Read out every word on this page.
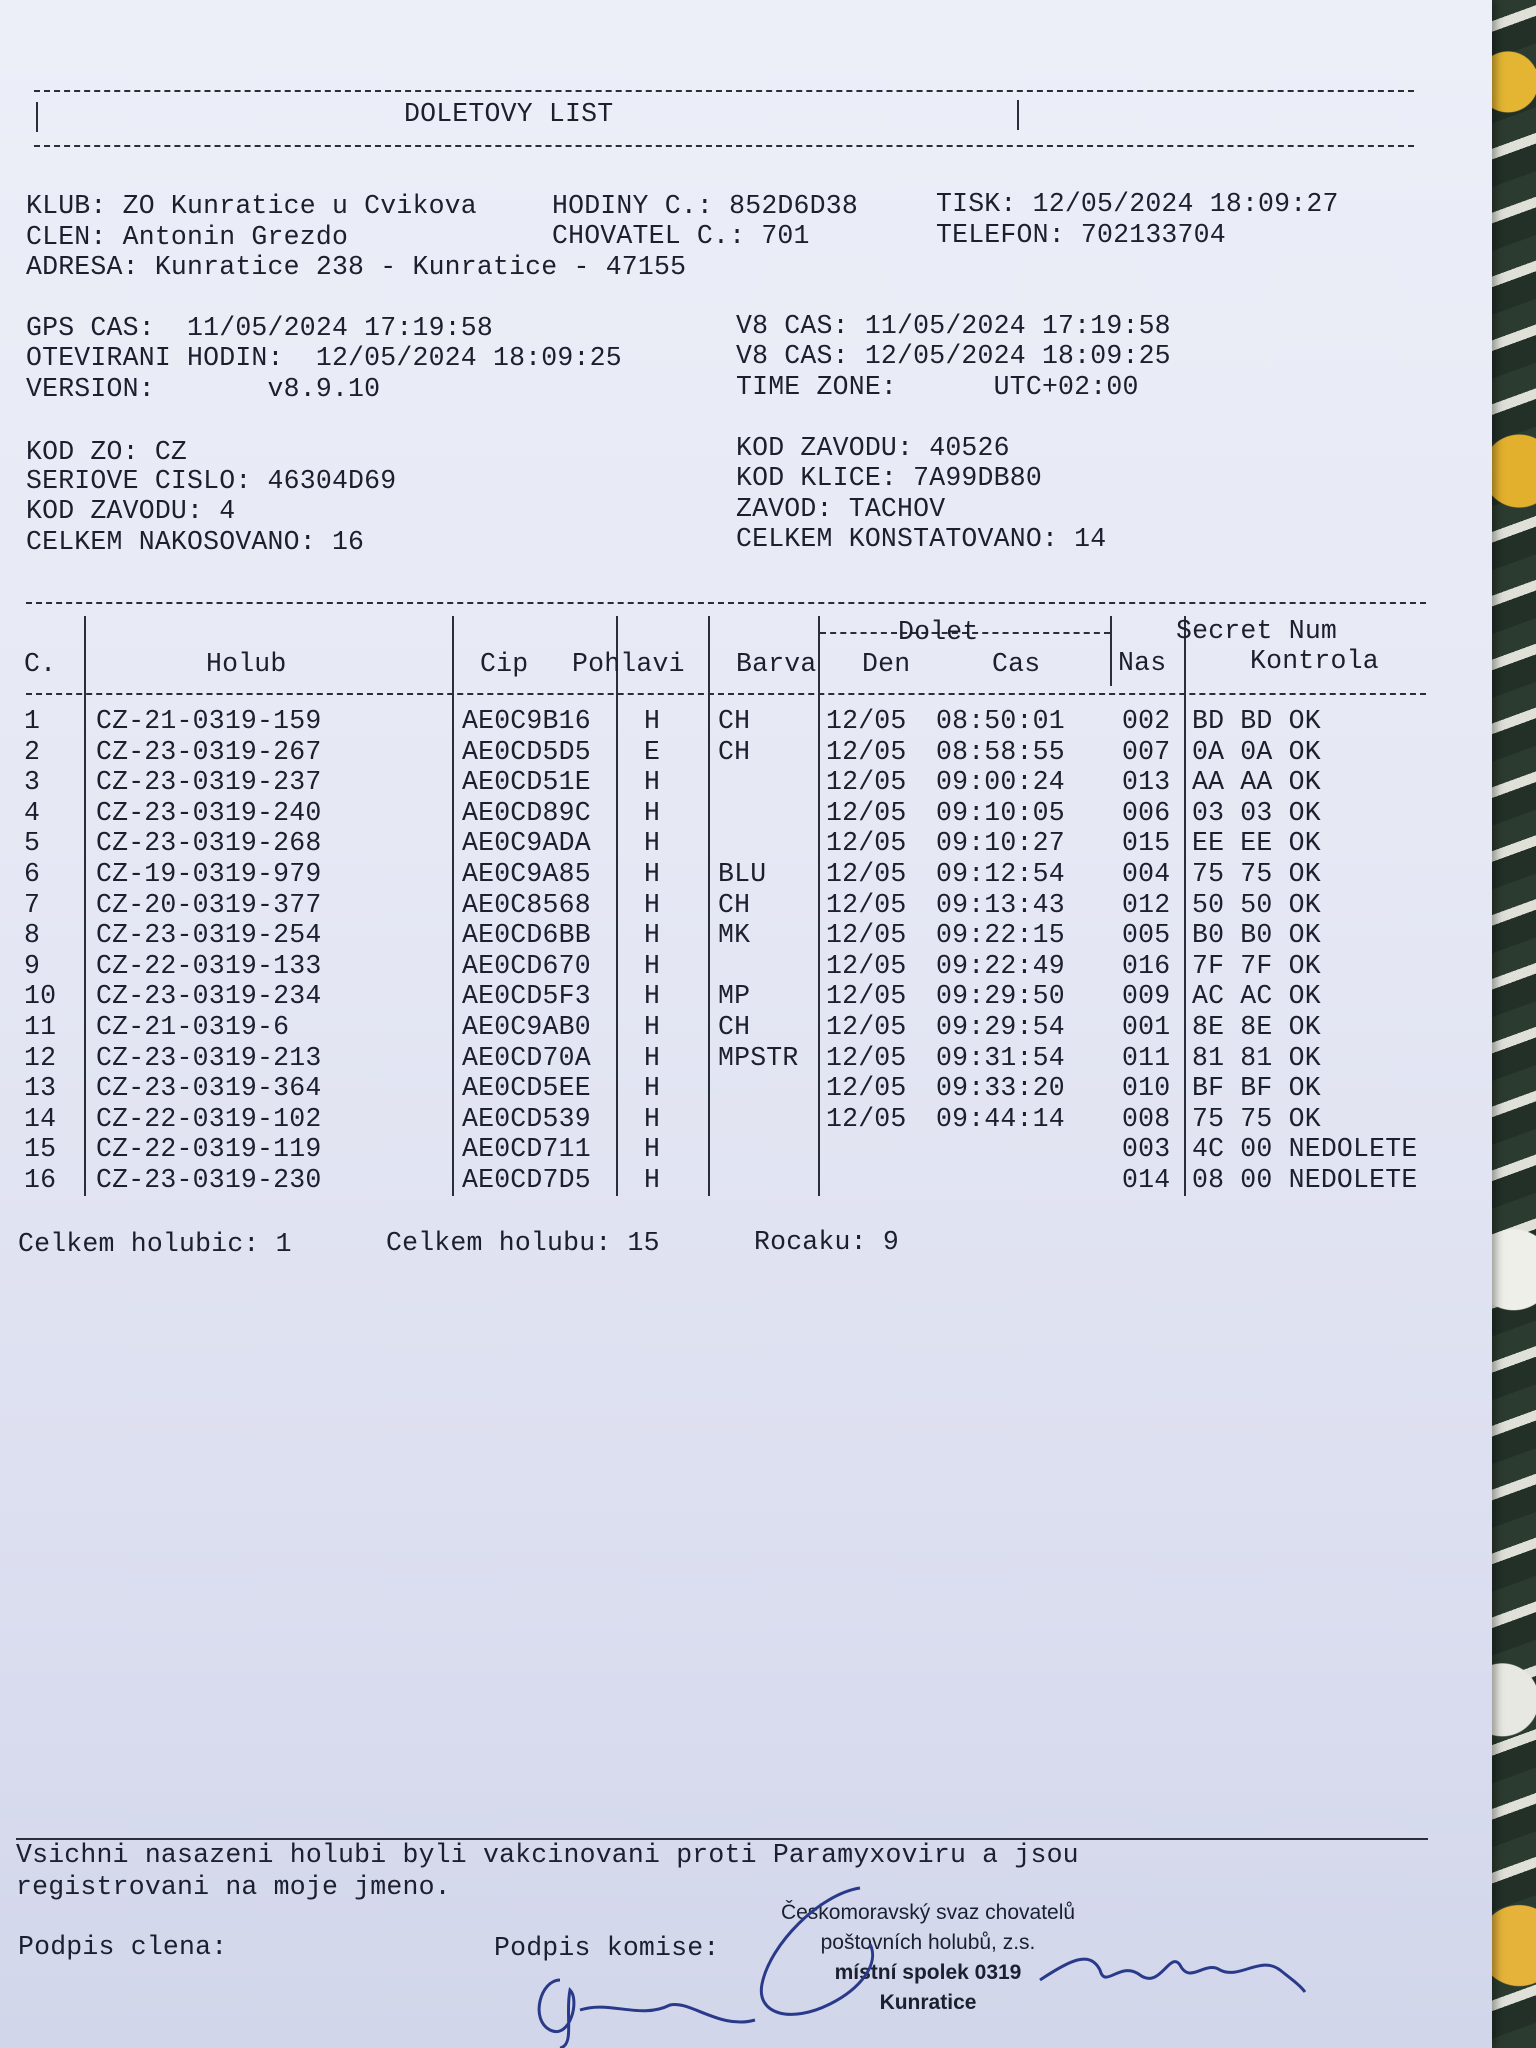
DOLETOVY LIST
KLUB: ZO Kunratice u Cvikova	HODINY C.: 852D6D38	TISK: 12/05/2024 18:09:27
CLEN: Antonin Grezdo	CHOVATEL C.: 701	TELEFON: 702133704
ADRESA: Kunratice 238 - Kunratice - 47155
GPS CAS:  11/05/2024 17:19:58
OTEVIRANI HODIN:  12/05/2024 18:09:25
VERSION:       v8.9.10
V8 CAS: 11/05/2024 17:19:58
V8 CAS: 12/05/2024 18:09:25
TIME ZONE:      UTC+02:00
KOD ZO: CZ
SERIOVE CISLO: 46304D69
KOD ZAVODU: 4
CELKEM NAKOSOVANO: 16
KOD ZAVODU: 40526
KOD KLICE: 7A99DB80
ZAVOD: TACHOV
CELKEM KONSTATOVANO: 14
Dolet	Secret Num
C.	Holub	Cip Pohlavi Barva Den	Cas	Nas	Kontrola
1 CZ-21-0319-159	AE0C9B16 H CH	12/05 08:50:01 002 BD BD OK
2 CZ-23-0319-267	AE0CD5D5 E CH	12/05 08:58:55 007 0A 0A OK
3 CZ-23-0319-237	AE0CD51E H	12/05 09:00:24 013 AA AA OK
4 CZ-23-0319-240	AE0CD89C H	12/05 09:10:05 006 03 03 OK
5 CZ-23-0319-268	AE0C9ADA H	12/05 09:10:27 015 EE EE OK
6 CZ-19-0319-979	AE0C9A85 H BLU 12/05 09:12:54 004 75 75 OK
7 CZ-20-0319-377	AE0C8568 H CH	12/05 09:13:43 012 50 50 OK
8 CZ-23-0319-254	AE0CD6BB H MK	12/05 09:22:15 005 B0 B0 OK
9 CZ-22-0319-133	AE0CD670 H	12/05 09:22:49 016 7F 7F OK
10 CZ-23-0319-234	AE0CD5F3 H MP	12/05 09:29:50 009 AC AC OK
11 CZ-21-0319-6	AE0C9AB0 H CH	12/05 09:29:54 001 8E 8E OK
12 CZ-23-0319-213	AE0CD70A H MPSTR 12/05 09:31:54 011 81 81 OK
13 CZ-23-0319-364	AE0CD5EE H	12/05 09:33:20 010 BF BF OK
14 CZ-22-0319-102	AE0CD539 H	12/05 09:44:14 008 75 75 OK
15 CZ-22-0319-119	AE0CD711 H	003 4C 00 NEDOLETE
16 CZ-23-0319-230	AE0CD7D5 H	014 08 00 NEDOLETE
Celkem holubic: 1	Celkem holubu: 15	Rocaku: 9
Vsichni nasazeni holubi byli vakcinovani proti Paramyxoviru a jsou
registrovani na moje jmeno.
Podpis clena:	Podpis komise:
Českomoravský svaz chovatelů
poštovních holubů, z.s.
místní spolek 0319
Kunratice
